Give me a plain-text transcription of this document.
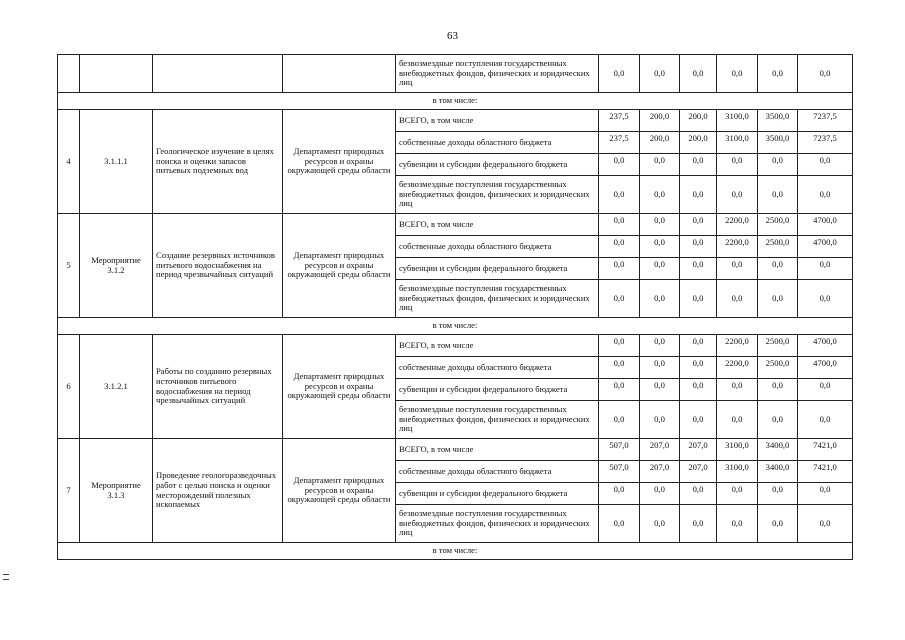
63
				безвозмездные поступления государственных внебюджетных фондов, физических и юридических лиц	0,0	0,0	0,0	0,0	0,0	0,0
в том числе:										
4	3.1.1.1	Геологическое изучение в целях поиска и оценки запасов питьевых подземных вод	Департамент природных ресурсов и охраны окружающей среды области	ВСЕГО, в том числе	237,5	200,0	200,0	3100,0	3500,0	7237,5
				собственные доходы областного бюджета	237,5	200,0	200,0	3100,0	3500,0	7237,5
				субвенции и субсидии федерального бюджета	0,0	0,0	0,0	0,0	0,0	0,0
				безвозмездные поступления государственных внебюджетных фондов, физических и юридических лиц	0,0	0,0	0,0	0,0	0,0	0,0
5	Мероприятие 3.1.2	Создание резервных источников питьевого водоснабжения на период чрезвычайных ситуаций	Департамент природных ресурсов и охраны окружающей среды области	ВСЕГО, в том числе	0,0	0,0	0,0	2200,0	2500,0	4700,0
				собственные доходы областного бюджета	0,0	0,0	0,0	2200,0	2500,0	4700,0
				субвенции и субсидии федерального бюджета	0,0	0,0	0,0	0,0	0,0	0,0
				безвозмездные поступления государственных внебюджетных фондов, физических и юридических лиц	0,0	0,0	0,0	0,0	0,0	0,0
в том числе:										
6	3.1.2.1	Работы по созданию резервных источников питьевого водоснабжения на период чрезвычайных ситуаций	Департамент природных ресурсов и охраны окружающей среды области	ВСЕГО, в том числе	0,0	0,0	0,0	2200,0	2500,0	4700,0
				собственные доходы областного бюджета	0,0	0,0	0,0	2200,0	2500,0	4700,0
				субвенции и субсидии федерального бюджета	0,0	0,0	0,0	0,0	0,0	0,0
				безвозмездные поступления государственных внебюджетных фондов, физических и юридических лиц	0,0	0,0	0,0	0,0	0,0	0,0
7	Мероприятие 3.1.3	Проведение геологоразведочных работ с целью поиска и оценки месторождений полезных ископаемых	Департамент природных ресурсов и охраны окружающей среды области	ВСЕГО, в том числе	507,0	207,0	207,0	3100,0	3400,0	7421,0
				собственные доходы областного бюджета	507,0	207,0	207,0	3100,0	3400,0	7421,0
				субвенции и субсидии федерального бюджета	0,0	0,0	0,0	0,0	0,0	0,0
				безвозмездные поступления государственных внебюджетных фондов, физических и юридических лиц	0,0	0,0	0,0	0,0	0,0	0,0
в том числе:										
